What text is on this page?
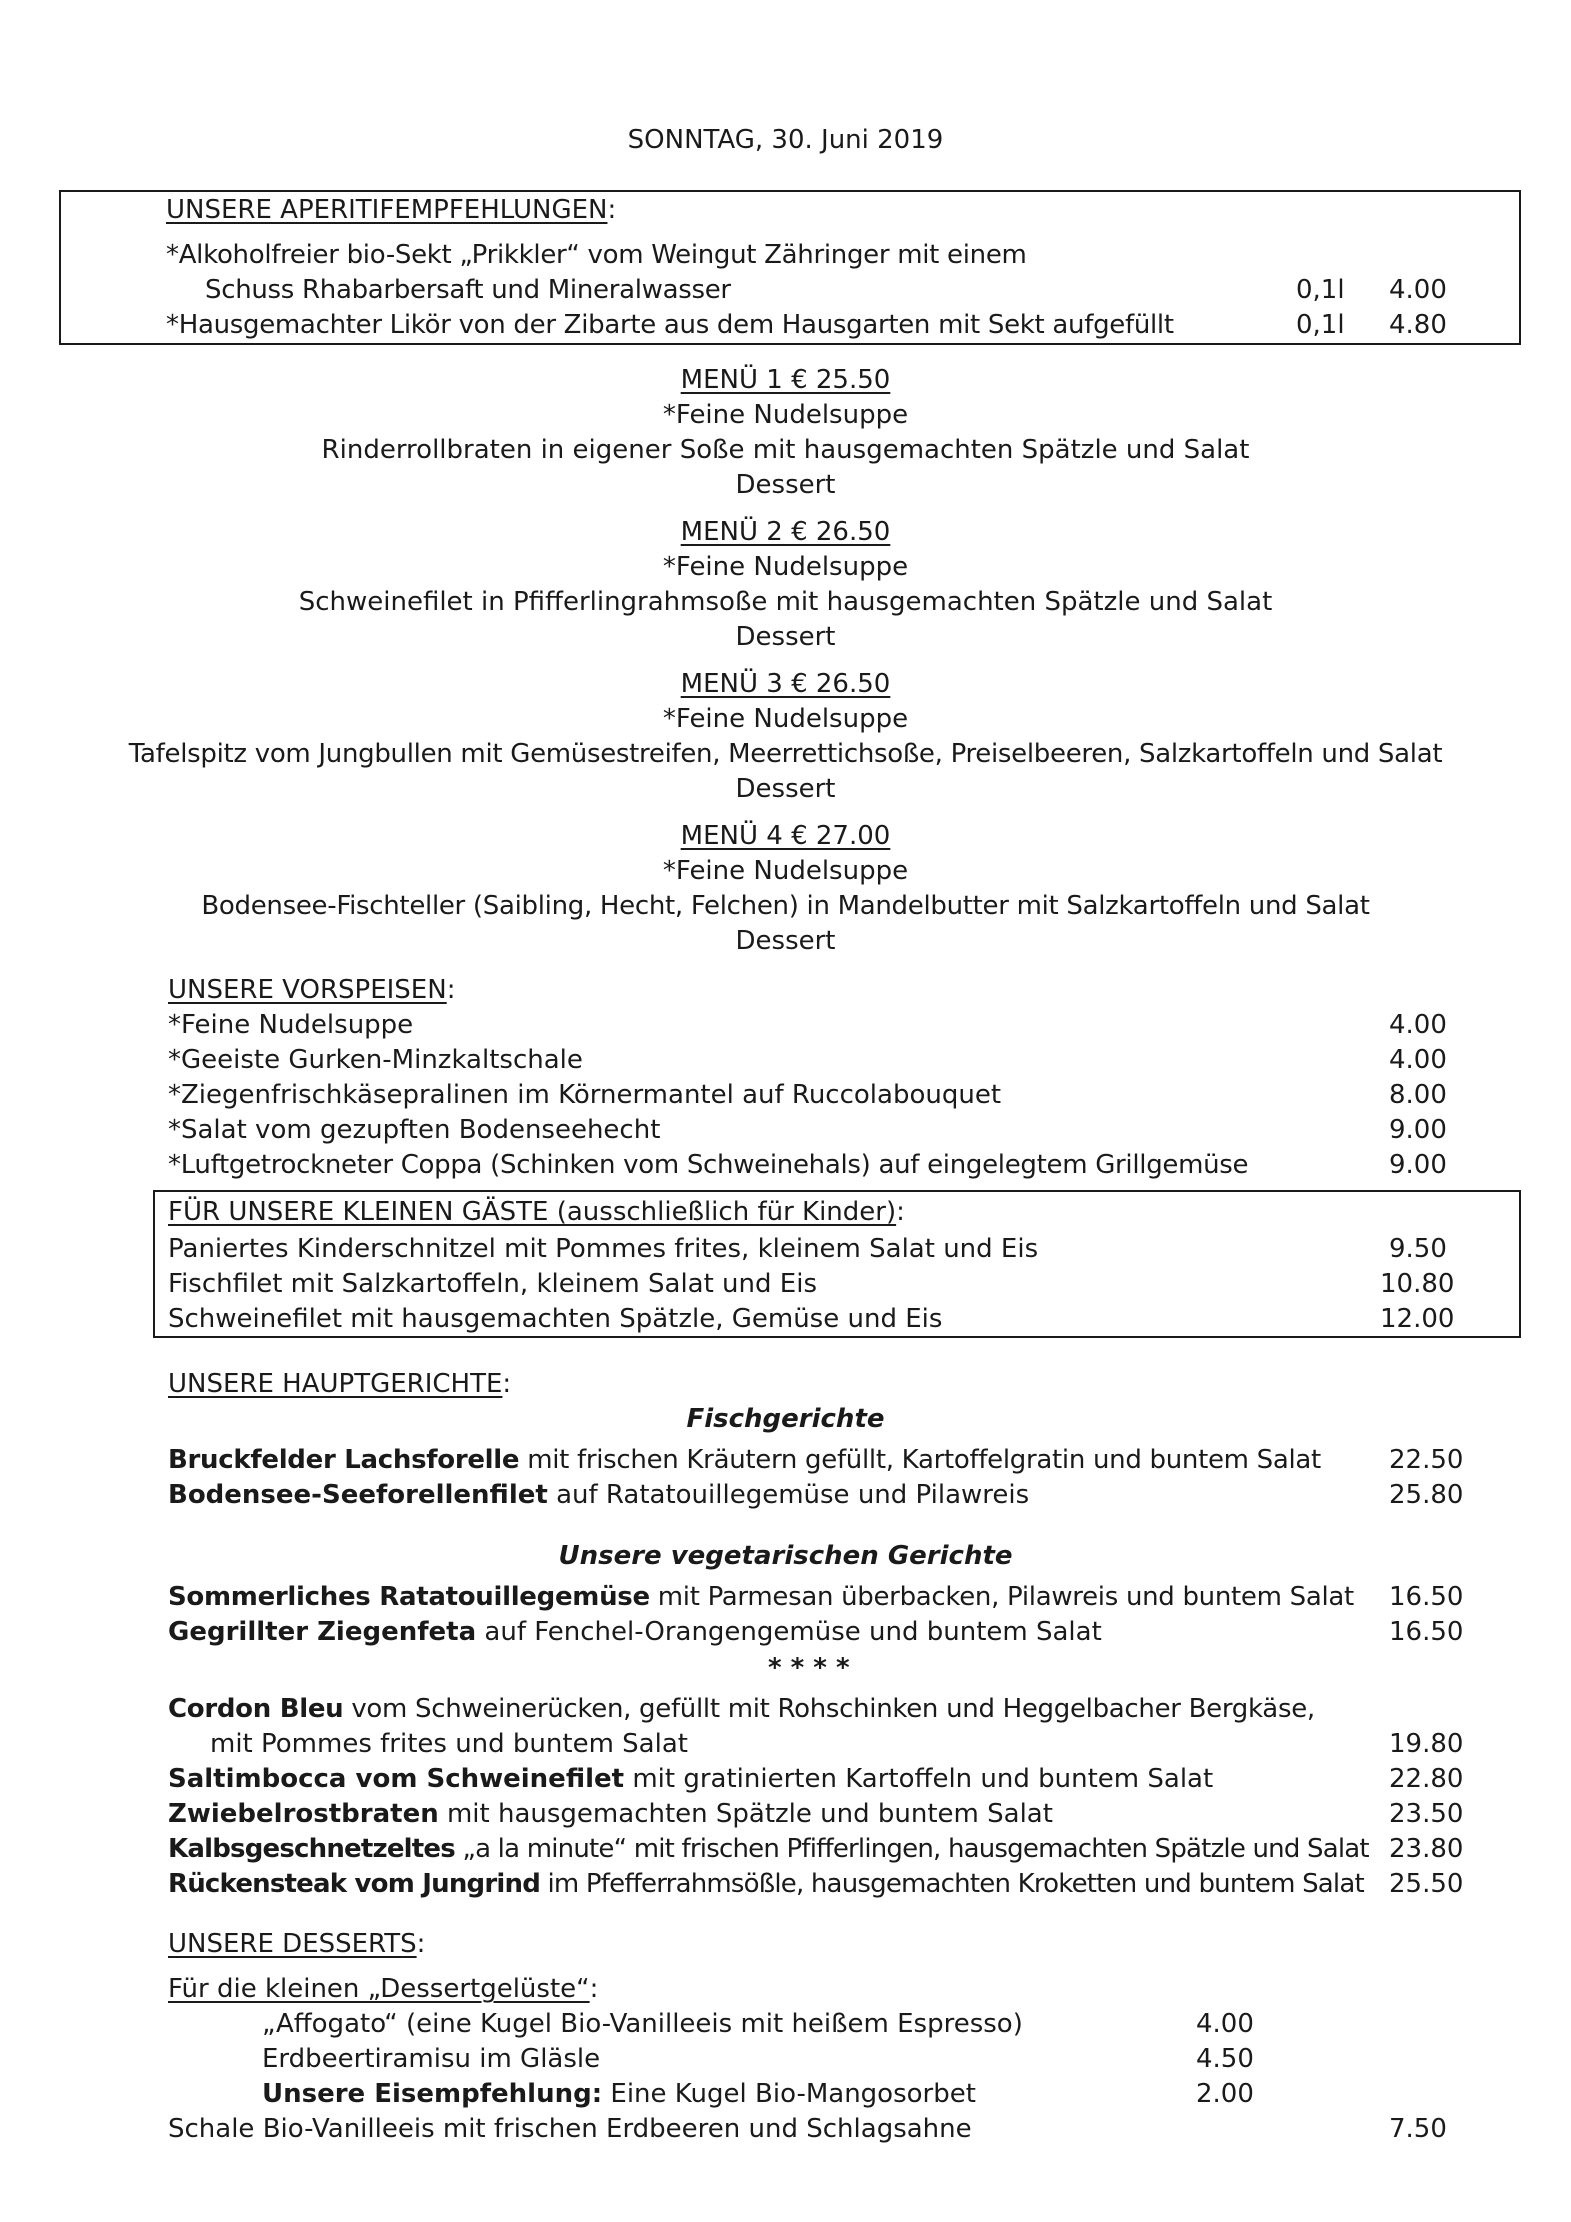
SONNTAG, 30. Juni 2019
UNSERE APERITIFEMPFEHLUNGEN:
*Alkoholfreier bio-Sekt „Prikkler“ vom Weingut Zähringer mit einem
Schuss Rhabarbersaft und Mineralwasser	0,1l 4.00
*Hausgemachter Likör von der Zibarte aus dem Hausgarten mit Sekt aufgefüllt	0,1l 4.80
MENÜ 1 € 25.50
*Feine Nudelsuppe
Rinderrollbraten in eigener Soße mit hausgemachten Spätzle und Salat
Dessert
MENÜ 2 € 26.50
*Feine Nudelsuppe
Schweinefilet in Pfifferlingrahmsoße mit hausgemachten Spätzle und Salat
Dessert
MENÜ 3 € 26.50
*Feine Nudelsuppe
Tafelspitz vom Jungbullen mit Gemüsestreifen, Meerrettichsoße, Preiselbeeren, Salzkartoffeln und Salat
Dessert
MENÜ 4 € 27.00
*Feine Nudelsuppe
Bodensee-Fischteller (Saibling, Hecht, Felchen) in Mandelbutter mit Salzkartoffeln und Salat
Dessert
UNSERE VORSPEISEN:
*Feine Nudelsuppe	4.00
*Geeiste Gurken-Minzkaltschale	4.00
*Ziegenfrischkäsepralinen im Körnermantel auf Ruccolabouquet	8.00
*Salat vom gezupften Bodenseehecht	9.00
*Luftgetrockneter Coppa (Schinken vom Schweinehals) auf eingelegtem Grillgemüse	9.00
FÜR UNSERE KLEINEN GÄSTE (ausschließlich für Kinder):
Paniertes Kinderschnitzel mit Pommes frites, kleinem Salat und Eis	9.50
Fischfilet mit Salzkartoffeln, kleinem Salat und Eis	10.80
Schweinefilet mit hausgemachten Spätzle, Gemüse und Eis	12.00
UNSERE HAUPTGERICHTE:
Fischgerichte
Bruckfelder Lachsforelle mit frischen Kräutern gefüllt, Kartoffelgratin und buntem Salat	22.50
Bodensee-Seeforellenfilet auf Ratatouillegemüse und Pilawreis	25.80
Unsere vegetarischen Gerichte
Sommerliches Ratatouillegemüse mit Parmesan überbacken, Pilawreis und buntem Salat 16.50
Gegrillter Ziegenfeta auf Fenchel-Orangengemüse und buntem Salat	16.50
* * * *
Cordon Bleu vom Schweinerücken, gefüllt mit Rohschinken und Heggelbacher Bergkäse,
mit Pommes frites und buntem Salat	19.80
Saltimbocca vom Schweinefilet mit gratinierten Kartoffeln und buntem Salat	22.80
Zwiebelrostbraten mit hausgemachten Spätzle und buntem Salat	23.50
Kalbsgeschnetzeltes „a la minute“ mit frischen Pfifferlingen, hausgemachten Spätzle und Salat 23.80
Rückensteak vom Jungrind im Pfefferrahmsößle, hausgemachten Kroketten und buntem Salat 25.50
UNSERE DESSERTS:
Für die kleinen „Dessertgelüste“:
„Affogato“ (eine Kugel Bio-Vanilleeis mit heißem Espresso)	4.00
Erdbeertiramisu im Gläsle	4.50
Unsere Eisempfehlung: Eine Kugel Bio-Mangosorbet	2.00
Schale Bio-Vanilleeis mit frischen Erdbeeren und Schlagsahne	7.50
